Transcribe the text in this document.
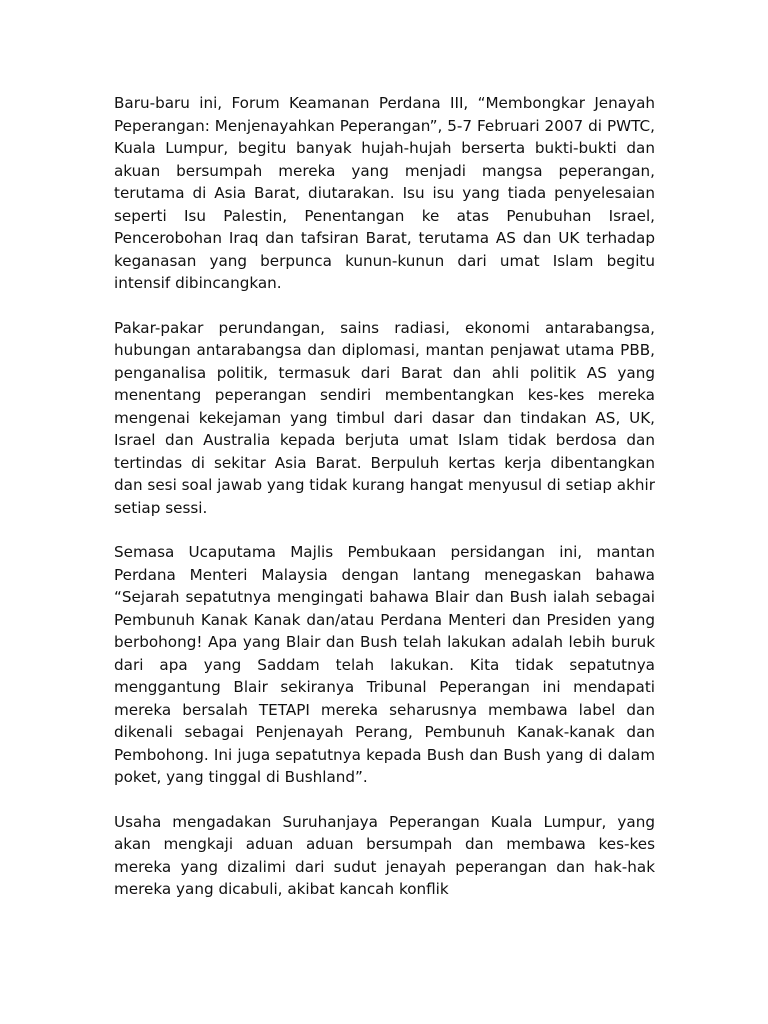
Baru-baru ini, Forum Keamanan Perdana III, “Membongkar Jenayah Peperangan: Menjenayahkan Peperangan”, 5-7 Februari 2007 di PWTC, Kuala Lumpur, begitu banyak hujah-hujah berserta bukti-bukti dan akuan bersumpah mereka yang menjadi mangsa peperangan, terutama di Asia Barat, diutarakan. Isu isu yang tiada penyelesaian seperti Isu Palestin, Penentangan ke atas Penubuhan Israel, Pencerobohan Iraq dan tafsiran Barat, terutama AS dan UK terhadap keganasan yang berpunca kunun-kunun dari umat Islam begitu intensif dibincangkan.

Pakar-pakar perundangan, sains radiasi, ekonomi antarabangsa, hubungan antarabangsa dan diplomasi, mantan penjawat utama PBB, penganalisa politik, termasuk dari Barat dan ahli politik AS yang menentang peperangan sendiri membentangkan kes-kes mereka mengenai kekejaman yang timbul dari dasar dan tindakan AS, UK, Israel dan Australia kepada berjuta umat Islam tidak berdosa dan tertindas di sekitar Asia Barat. Berpuluh kertas kerja dibentangkan dan sesi soal jawab yang tidak kurang hangat menyusul di setiap akhir setiap sessi.

Semasa Ucaputama Majlis Pembukaan persidangan ini, mantan Perdana Menteri Malaysia dengan lantang menegaskan bahawa “Sejarah sepatutnya mengingati bahawa Blair dan Bush ialah sebagai Pembunuh Kanak Kanak dan/atau Perdana Menteri dan Presiden yang berbohong! Apa yang Blair dan Bush telah lakukan adalah lebih buruk dari apa yang Saddam telah lakukan. Kita tidak sepatutnya menggantung Blair sekiranya Tribunal Peperangan ini mendapati mereka bersalah TETAPI mereka seharusnya membawa label dan dikenali sebagai Penjenayah Perang, Pembunuh Kanak-kanak dan Pembohong. Ini juga sepatutnya kepada Bush dan Bush yang di dalam poket, yang tinggal di Bushland”.

Usaha mengadakan Suruhanjaya Peperangan Kuala Lumpur, yang akan mengkaji aduan aduan bersumpah dan membawa kes-kes mereka yang dizalimi dari sudut jenayah peperangan dan hak-hak mereka yang dicabuli, akibat kancah konflik
